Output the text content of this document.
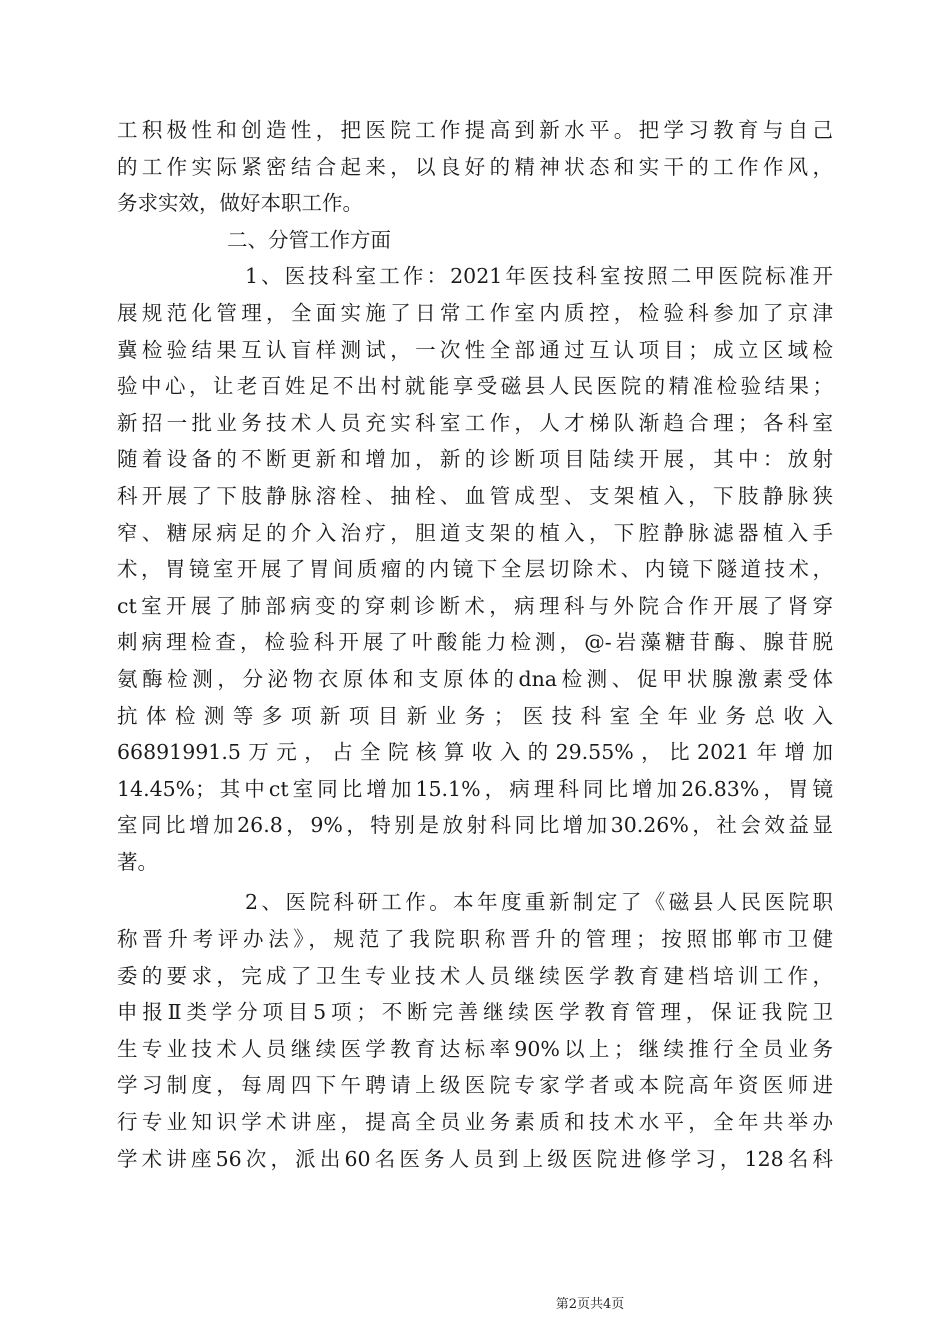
工积极性和创造性，把医院工作提高到新水平。把学习教育与自己
的工作实际紧密结合起来，以良好的精神状态和实干的工作作风，
务求实效，做好本职工作。
二、分管工作方面
1、医技科室工作：2021年医技科室按照二甲医院标准开
展规范化管理，全面实施了日常工作室内质控，检验科参加了京津
冀检验结果互认盲样测试，一次性全部通过互认项目；成立区域检
验中心，让老百姓足不出村就能享受磁县人民医院的精准检验结果；
新招一批业务技术人员充实科室工作，人才梯队渐趋合理；各科室
随着设备的不断更新和增加，新的诊断项目陆续开展，其中：放射
科开展了下肢静脉溶栓、抽栓、血管成型、支架植入，下肢静脉狭
窄、糖尿病足的介入治疗，胆道支架的植入，下腔静脉滤器植入手
术，胃镜室开展了胃间质瘤的内镜下全层切除术、内镜下隧道技术，
ct室开展了肺部病变的穿刺诊断术，病理科与外院合作开展了肾穿
刺病理检查，检验科开展了叶酸能力检测，@-岩藻糖苷酶、腺苷脱
氨酶检测，分泌物衣原体和支原体的dna检测、促甲状腺激素受体
抗体检测等多项新项目新业务；医技科室全年业务总收入
66891991.5万元，占全院核算收入的29.55%，比2021年增加
14.45%；其中ct室同比增加15.1%，病理科同比增加26.83%，胃镜
室同比增加26.8，9%，特别是放射科同比增加30.26%，社会效益显
著。
2、医院科研工作。本年度重新制定了《磁县人民医院职
称晋升考评办法》，规范了我院职称晋升的管理；按照邯郸市卫健
委的要求，完成了卫生专业技术人员继续医学教育建档培训工作，
申报Ⅱ类学分项目5项；不断完善继续医学教育管理，保证我院卫
生专业技术人员继续医学教育达标率90%以上；继续推行全员业务
学习制度，每周四下午聘请上级医院专家学者或本院高年资医师进
行专业知识学术讲座，提高全员业务素质和技术水平，全年共举办
学术讲座56次，派出60名医务人员到上级医院进修学习，128名科
第2页共4页
